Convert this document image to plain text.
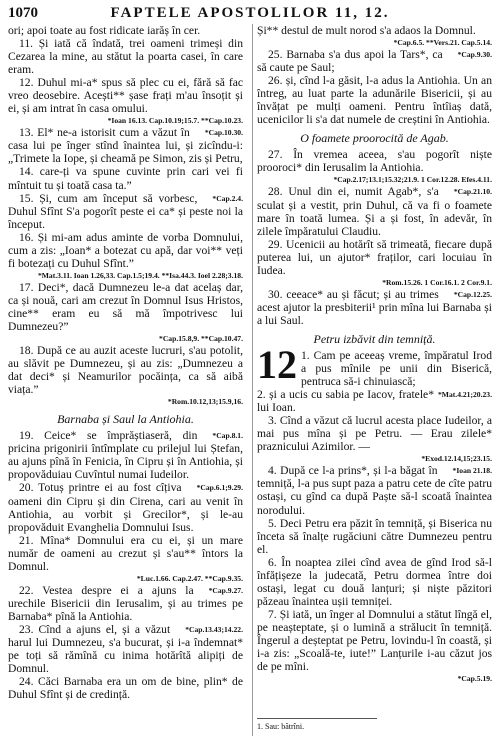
1070	FAPTELE APOSTOLILOR 11, 12.

ori; apoi toate au fost ridicate iarăș în cer.

11. Și iată că îndată, trei oameni trimeși din Cezarea la mine, au stătut la poarta casei, în care eram.

12. Duhul mi-a* spus să plec cu ei, fără să fac vreo deosebire. Acești** șase frați m'au însoțit și ei, și am intrat în casa omului.

*Ioan 16.13. Cap.10.19;15.7. **Cap.10.23.

*Cap.10.30.
13. El* ne-a istorisit cum a văzut în casa lui pe înger stînd înaintea lui, și zicîndu-i: „Trimete la Iope, și cheamă pe Simon, zis și Petru,

14. care-ți va spune cuvinte prin cari vei fi mîntuit tu și toată casa ta.”

*Cap.2.4.
15. Și, cum am început să vorbesc, Duhul Sfînt S'a pogorît peste ei ca* și peste noi la început.

16. Și mi-am adus aminte de vorba Domnului, cum a zis: „Ioan* a botezat cu apă, dar voi** veți fi botezați cu Duhul Sfînt.”

*Mat.3.11. Ioan 1.26,33. Cap.1.5;19.4. **Isa.44.3. Ioel 2.28;3.18.

17. Deci*, dacă Dumnezeu le-a dat acelaș dar, ca și nouă, cari am crezut în Domnul Isus Hristos, cine** eram eu să mă împotrivesc lui Dumnezeu?”

*Cap.15.8,9. **Cap.10.47.

18. După ce au auzit aceste lucruri, s'au potolit, au slăvit pe Dumnezeu, și au zis: „Dumnezeu a dat deci* și Neamurilor pocăința, ca să aibă viața.”

*Rom.10.12,13;15.9,16.

Barnaba și Saul la Antiohia.

*Cap.8.1.
19. Ceice* se împrăștiaseră, din pricina prigonirii întîmplate cu prilejul lui Ștefan, au ajuns pînă în Fenicia, în Cipru și în Antiohia, și propovăduiau Cuvîntul numai Iudeilor.

*Cap.6.1;9.29.
20. Totuș printre ei au fost cîțiva oameni din Cipru și din Cirena, cari au venit în Antiohia, au vorbit și Grecilor*, și le-au propovăduit Evanghelia Domnului Isus.

21. Mîna* Domnului era cu ei, și un mare număr de oameni au crezut și s'au** întors la Domnul.

*Luc.1.66. Cap.2.47. **Cap.9.35.

*Cap.9.27.
22. Vestea despre ei a ajuns la urechile Bisericii din Ierusalim, și au trimes pe Barnaba* pînă la Antiohia.

*Cap.13.43;14.22.
23. Cînd a ajuns el, și a văzut harul lui Dumnezeu, s'a bucurat, și i-a îndemnat* pe toți să rămînă cu inima hotărîtă alipiți de Domnul.

24. Căci Barnaba era un om de bine, plin* de Duhul Sfînt și de credință.

Și** destul de mult norod s'a adaos la Domnul.

*Cap.6.5. **Vers.21. Cap.5.14.

*Cap.9.30.
25. Barnaba s'a dus apoi la Tars*, ca să caute pe Saul;

26. și, cînd l-a găsit, l-a adus la Antiohia. Un an întreg, au luat parte la adunările Bisericii, și au învățat pe mulți oameni. Pentru întîiaș dată, ucenicilor li s'a dat numele de creștini în Antiohia.

O foamete proorocită de Agab.

27. În vremea aceea, s'au pogorît niște prooroci* din Ierusalim la Antiohia.

*Cap.2.17;13.1;15.32;21.9. 1 Cor.12.28. Efes.4.11.

*Cap.21.10.
28. Unul din ei, numit Agab*, s'a sculat și a vestit, prin Duhul, că va fi o foamete mare în toată lumea. Și a și fost, în adevăr, în zilele împăratului Claudiu.

29. Ucenicii au hotărît să trimeată, fiecare după puterea lui, un ajutor* fraților, cari locuiau în Iudea.

*Rom.15.26. 1 Cor.16.1. 2 Cor.9.1.

*Cap.12.25.
30. ceeace* au și făcut; și au trimes acest ajutor la presbiterii¹ prin mîna lui Barnaba și a lui Saul.

Petru izbăvit din temniță.

12 1. Cam pe aceeaș vreme, împăratul Irod a pus mînile pe unii din Biserică, pentruca să-i chinuiască;

*Mat.4.21;20.23.
2. și a ucis cu sabia pe Iacov, fratele* lui Ioan.

3. Cînd a văzut că lucrul acesta place Iudeilor, a mai pus mîna și pe Petru. — Erau zilele* praznicului Azimilor. —

*Exod.12.14,15;23.15.

*Ioan 21.18.
4. După ce l-a prins*, și l-a băgat în temniță, l-a pus supt paza a patru cete de cîte patru ostași, cu gînd ca după Paște să-l scoată înaintea norodului.

5. Deci Petru era păzit în temniță, și Biserica nu înceta să înalțe rugăciuni către Dumnezeu pentru el.

6. În noaptea zilei cînd avea de gînd Irod să-l înfățișeze la judecată, Petru dormea între doi ostași, legat cu două lanțuri; și niște păzitori păzeau înaintea ușii temniței.

7. Și iată, un înger al Domnului a stătut lîngă el, pe neașteptate, și o lumină a strălucit în temniță. Îngerul a deșteptat pe Petru, lovindu-l în coastă, și i-a zis: „Scoală-te, iute!” Lanțurile i-au căzut jos de pe mîni.

*Cap.5.19.
1. Sau: bătrîni.
